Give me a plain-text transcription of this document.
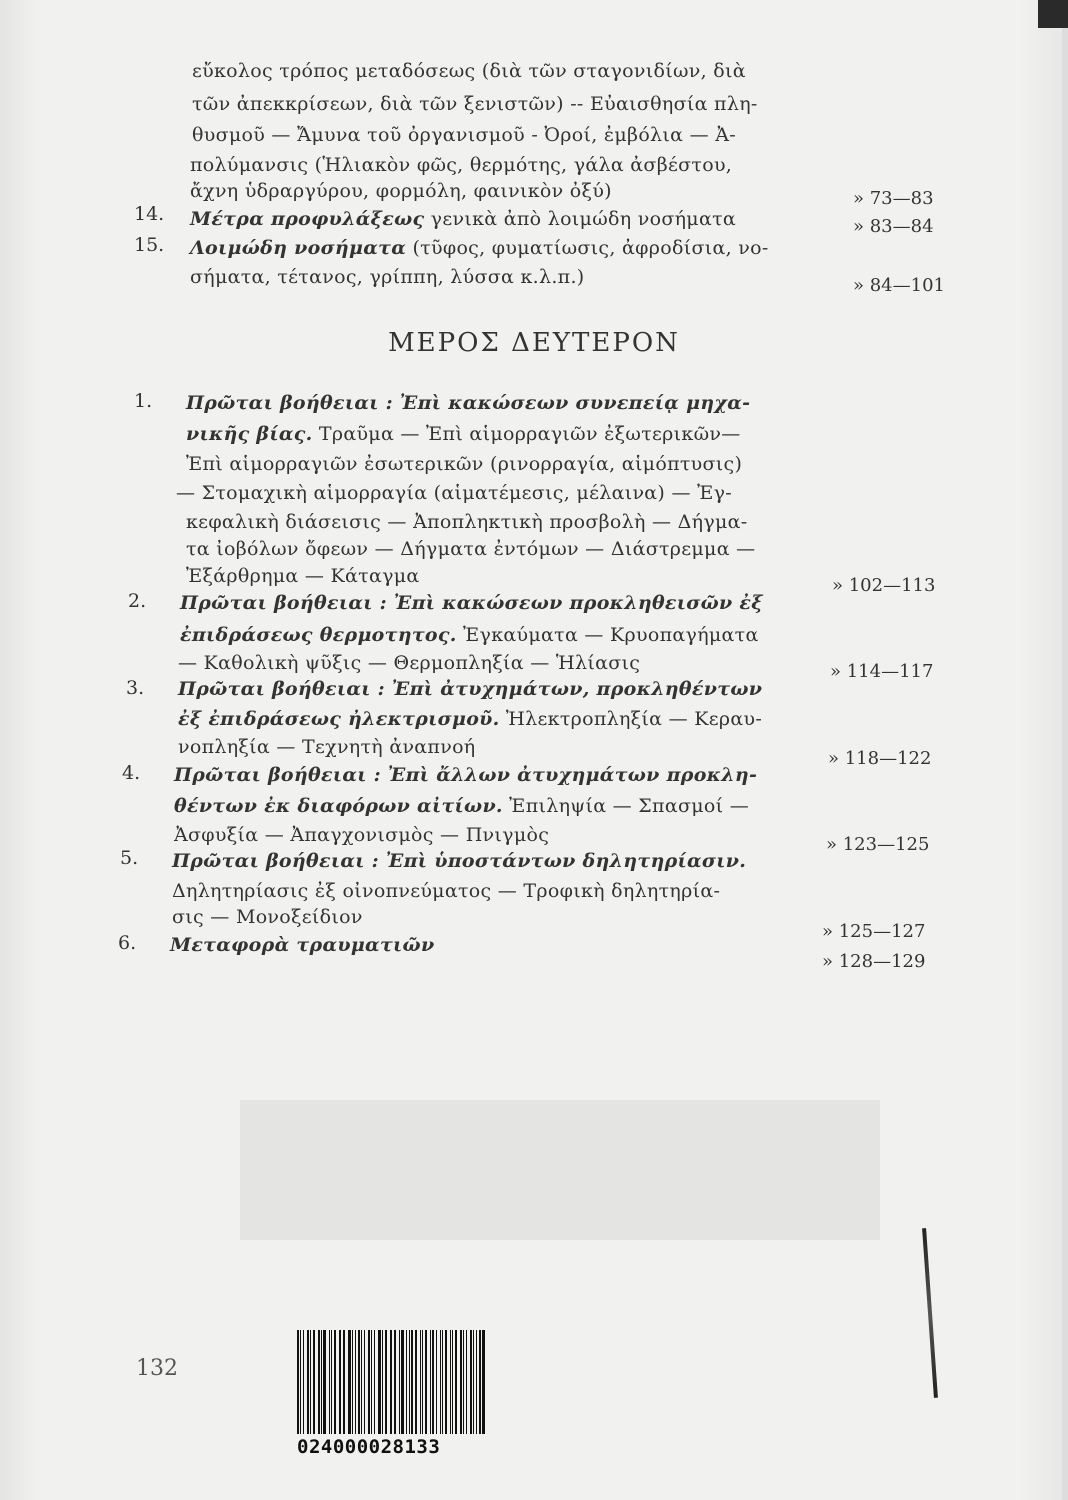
εὔκολος τρόπος μεταδόσεως (διὰ τῶν σταγονιδίων, διὰ
τῶν ἀπεκκρίσεων, διὰ τῶν ξενιστῶν) -- Εὐαισθησία πλη-
θυσμοῦ — Ἄμυνα τοῦ ὀργανισμοῦ - Ὀροί, ἐμβόλια — Ἀ-
πολύμανσις (Ἡλιακὸν φῶς, θερμότης, γάλα ἀσβέστου,
ἄχνη ὑδραργύρου, φορμόλη, φαινικὸν ὀξύ)
14. Μέτρα προφυλάξεως γενικὰ ἀπὸ λοιμώδη νοσήματα
15. Λοιμώδη νοσήματα (τῦφος, φυματίωσις, ἀφροδίσια, νο-
σήματα, τέτανος, γρίππη, λύσσα κ.λ.π.)
» 73—83
» 83—84
» 84—101
ΜΕΡΟΣ ΔΕΥΤΕΡΟΝ
1. Πρῶται βοήθειαι : Ἐπὶ κακώσεων συνεπείᾳ μηχα-
νικῆς βίας. Τραῦμα — Ἐπὶ αἱμορραγιῶν ἐξωτερικῶν—
Ἐπὶ αἱμορραγιῶν ἐσωτερικῶν (ρινορραγία, αἱμόπτυσις)
— Στομαχικὴ αἱμορραγία (αἱματέμεσις, μέλαινα) — Ἐγ-
κεφαλικὴ διάσεισις — Ἀποπληκτικὴ προσβολὴ — Δήγμα-
τα ἰοβόλων ὄφεων — Δήγματα ἐντόμων — Διάστρεμμα —
Ἐξάρθρημα — Κάταγμα
2. Πρῶται βοήθειαι : Ἐπὶ κακώσεων προκληθεισῶν ἐξ
ἐπιδράσεως θερμοτητος. Ἐγκαύματα — Κρυοπαγήματα
— Καθολικὴ ψῦξις — Θερμοπληξία — Ἡλίασις
3. Πρῶται βοήθειαι : Ἐπὶ ἀτυχημάτων, προκληθέντων
ἐξ ἐπιδράσεως ἠλεκτρισμοῦ. Ἠλεκτροπληξία — Κεραυ-
νοπληξία — Τεχνητὴ ἀναπνοή
4. Πρῶται βοήθειαι : Ἐπὶ ἄλλων ἀτυχημάτων προκλη-
θέντων ἐκ διαφόρων αἰτίων. Ἐπιληψία — Σπασμοί —
Ἀσφυξία — Ἀπαγχονισμὸς — Πνιγμὸς
5. Πρῶται βοήθειαι : Ἐπὶ ὑποστάντων δηλητηρίασιν.
Δηλητηρίασις ἐξ οἰνοπνεύματος — Τροφικὴ δηλητηρία-
σις — Μονοξείδιον
6. Μεταφορὰ τραυματιῶν
» 102—113
» 114—117
» 118—122
» 123—125
» 125—127
» 128—129
132
024000028133
